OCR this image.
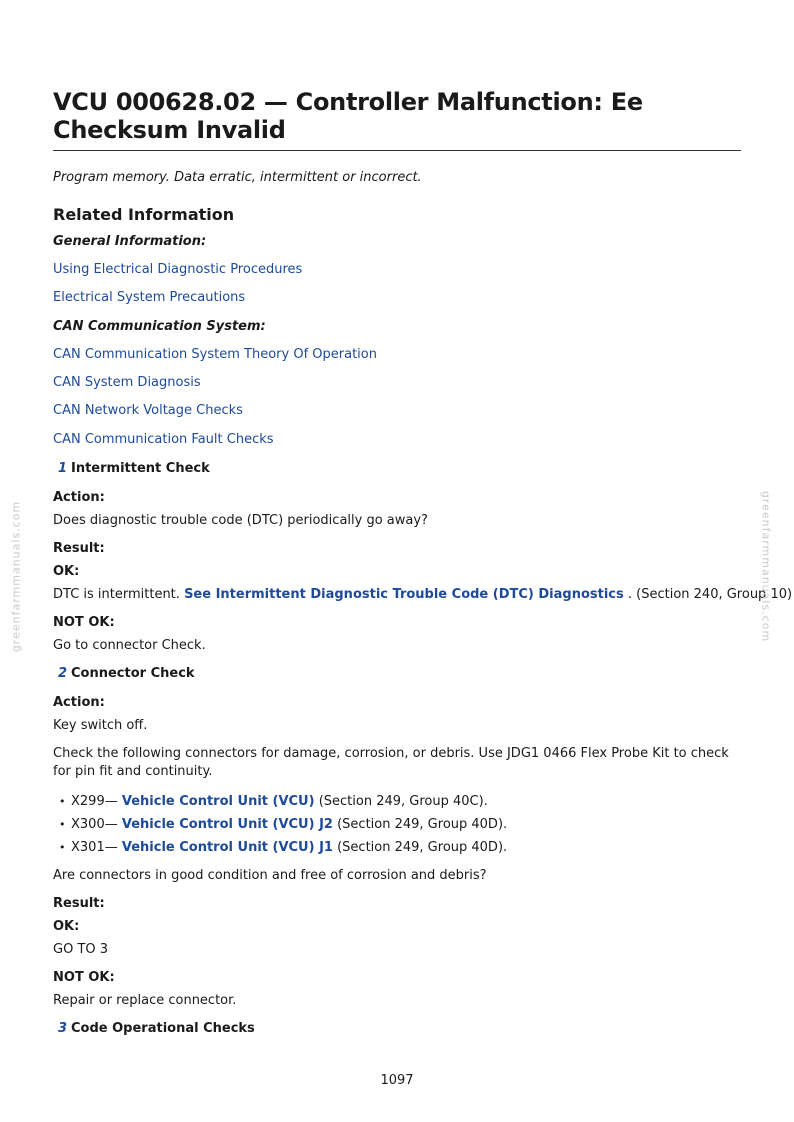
VCU 000628.02 — Controller Malfunction: Ee Checksum Invalid
Program memory. Data erratic, intermittent or incorrect.
Related Information
General Information:
Using Electrical Diagnostic Procedures
Electrical System Precautions
CAN Communication System:
CAN Communication System Theory Of Operation
CAN System Diagnosis
CAN Network Voltage Checks
CAN Communication Fault Checks
1 Intermittent Check
Action:
Does diagnostic trouble code (DTC) periodically go away?
Result:
OK:
DTC is intermittent. See Intermittent Diagnostic Trouble Code (DTC) Diagnostics . (Section 240, Group 10)
NOT OK:
Go to connector Check.
2 Connector Check
Action:
Key switch off.
Check the following connectors for damage, corrosion, or debris. Use JDG1 0466 Flex Probe Kit to check for pin fit and continuity.
• X299— Vehicle Control Unit (VCU) (Section 249, Group 40C).
• X300— Vehicle Control Unit (VCU) J2 (Section 249, Group 40D).
• X301— Vehicle Control Unit (VCU) J1 (Section 249, Group 40D).
Are connectors in good condition and free of corrosion and debris?
Result:
OK:
GO TO 3
NOT OK:
Repair or replace connector.
3 Code Operational Checks
greenfarmmanuals.com	greenfarmmanuals.com
1097
